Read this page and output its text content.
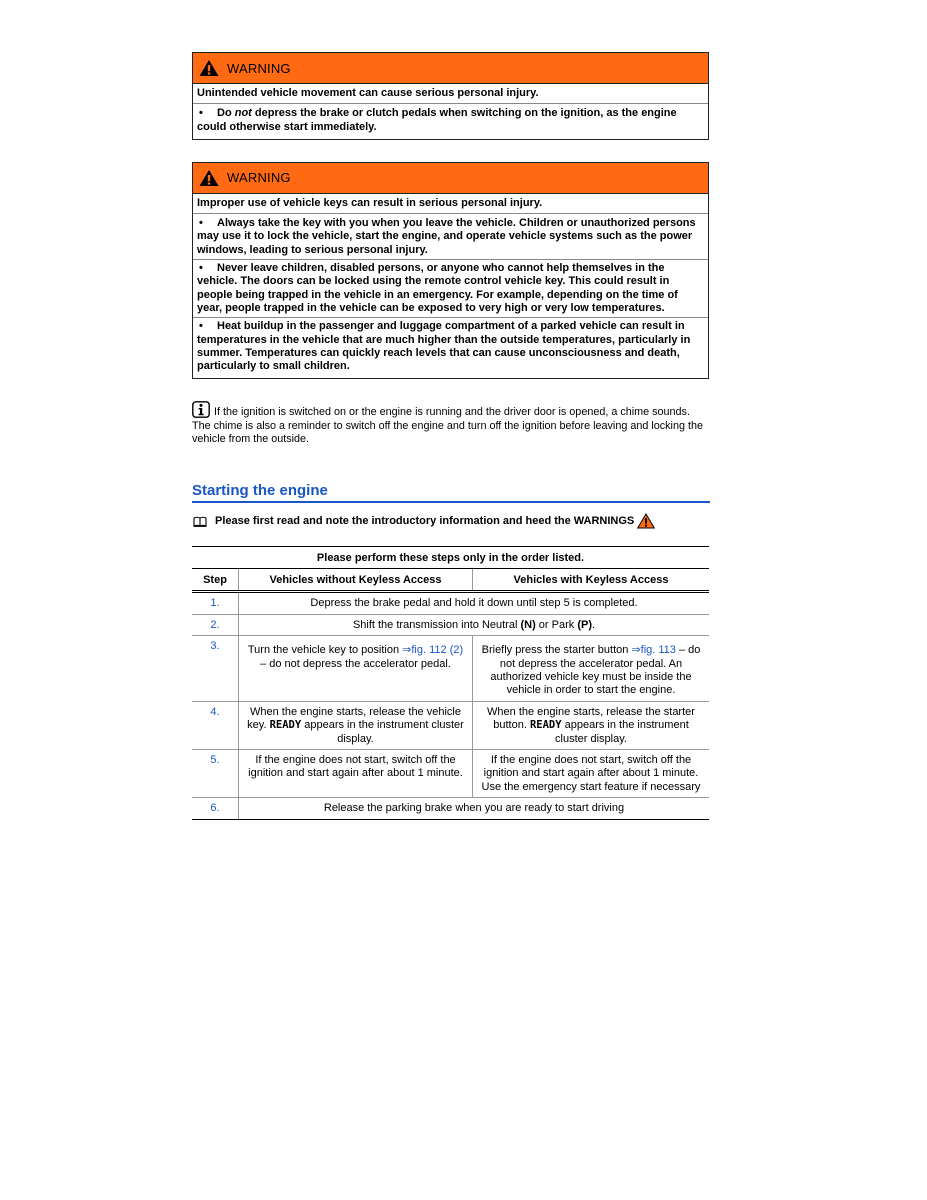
WARNING

Unintended vehicle movement can cause serious personal injury.

• Do not depress the brake or clutch pedals when switching on the ignition, as the engine could otherwise start immediately.

WARNING

Improper use of vehicle keys can result in serious personal injury.

• Always take the key with you when you leave the vehicle. Children or unauthorized persons may use it to lock the vehicle, start the engine, and operate vehicle systems such as the power windows, leading to serious personal injury.

• Never leave children, disabled persons, or anyone who cannot help themselves in the vehicle. The doors can be locked using the remote control vehicle key. This could result in people being trapped in the vehicle in an emergency. For example, depending on the time of year, people trapped in the vehicle can be exposed to very high or very low temperatures.

• Heat buildup in the passenger and luggage compartment of a parked vehicle can result in temperatures in the vehicle that are much higher than the outside temperatures, particularly in summer. Temperatures can quickly reach levels that can cause unconsciousness and death, particularly to small children.

If the ignition is switched on or the engine is running and the driver door is opened, a chime sounds. The chime is also a reminder to switch off the engine and turn off the ignition before leaving and locking the vehicle from the outside.
Starting the engine
Please first read and note the introductory information and heed the WARNINGS
Please perform these steps only in the order listed.		
Step	Vehicles without Keyless Access	Vehicles with Keyless Access
1.	Depress the brake pedal and hold it down until step 5 is completed.	
2.	Shift the transmission into Neutral (N) or Park (P).	
3.	Turn the vehicle key to position ⇒fig. 112 (2) – do not depress the accelerator pedal.	Briefly press the starter button ⇒fig. 113 – do not depress the accelerator pedal. An authorized vehicle key must be inside the vehicle in order to start the engine.
4.	When the engine starts, release the vehicle key. READY appears in the instrument cluster display.	When the engine starts, release the starter button. READY appears in the instrument cluster display.
5.	If the engine does not start, switch off the ignition and start again after about 1 minute.	If the engine does not start, switch off the ignition and start again after about 1 minute. Use the emergency start feature if necessary
6.	Release the parking brake when you are ready to start driving	
